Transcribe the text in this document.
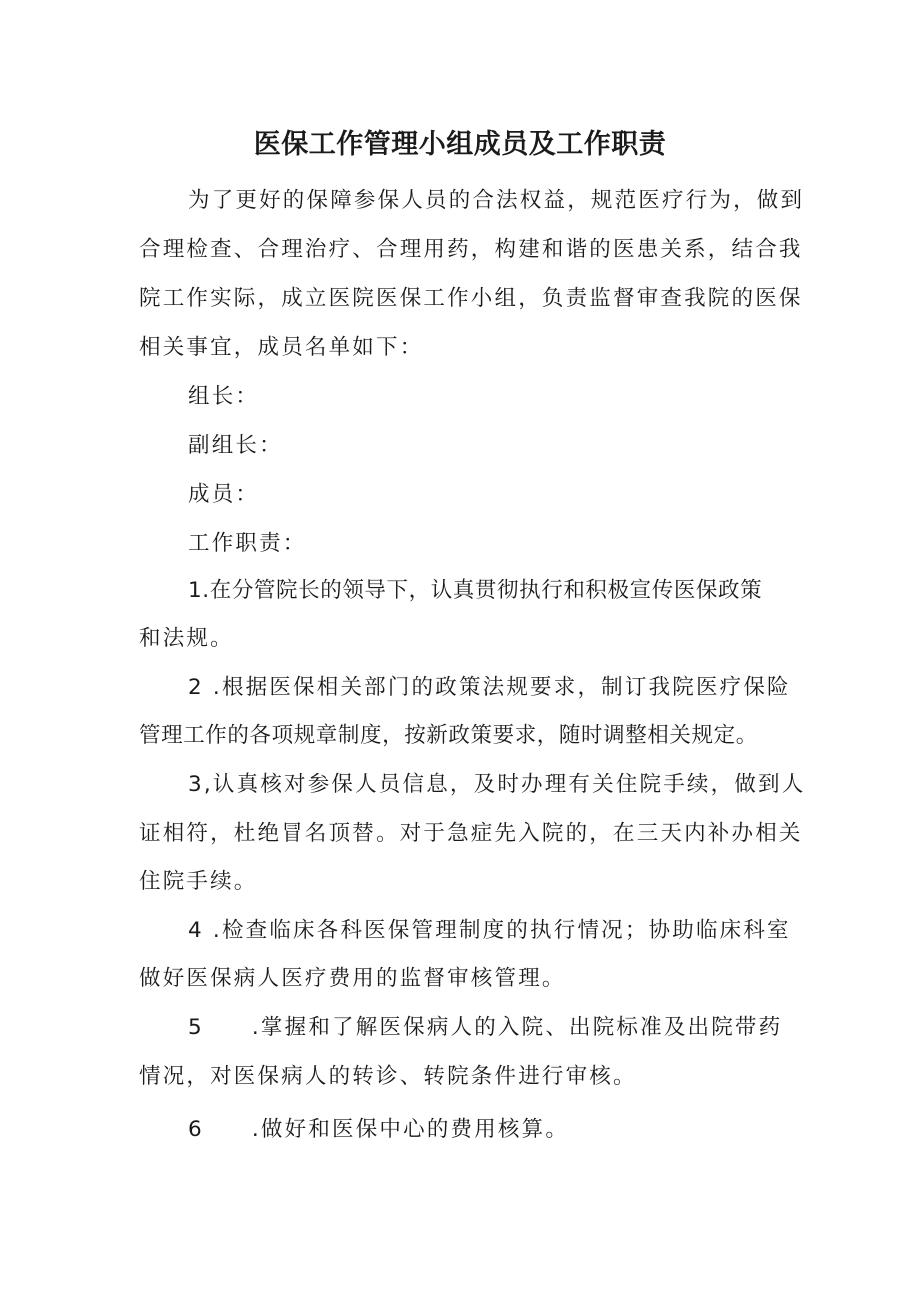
医保工作管理小组成员及工作职责
为了更好的保障参保人员的合法权益，规范医疗行为，做到
合理检查、合理治疗、合理用药，构建和谐的医患关系，结合我
院工作实际，成立医院医保工作小组，负责监督审查我院的医保
相关事宜，成员名单如下：
组长：
副组长：
成员：
工作职责：
1.在分管院长的领导下，认真贯彻执行和积极宣传医保政策
和法规。
2 .根据医保相关部门的政策法规要求，制订我院医疗保险
管理工作的各项规章制度，按新政策要求，随时调整相关规定。
3,认真核对参保人员信息，及时办理有关住院手续，做到人
证相符，杜绝冒名顶替。对于急症先入院的，在三天内补办相关
住院手续。
4 .检查临床各科医保管理制度的执行情况；协助临床科室
做好医保病人医疗费用的监督审核管理。
5 .掌握和了解医保病人的入院、出院标准及出院带药
情况，对医保病人的转诊、转院条件进行审核。
6 .做好和医保中心的费用核算。
